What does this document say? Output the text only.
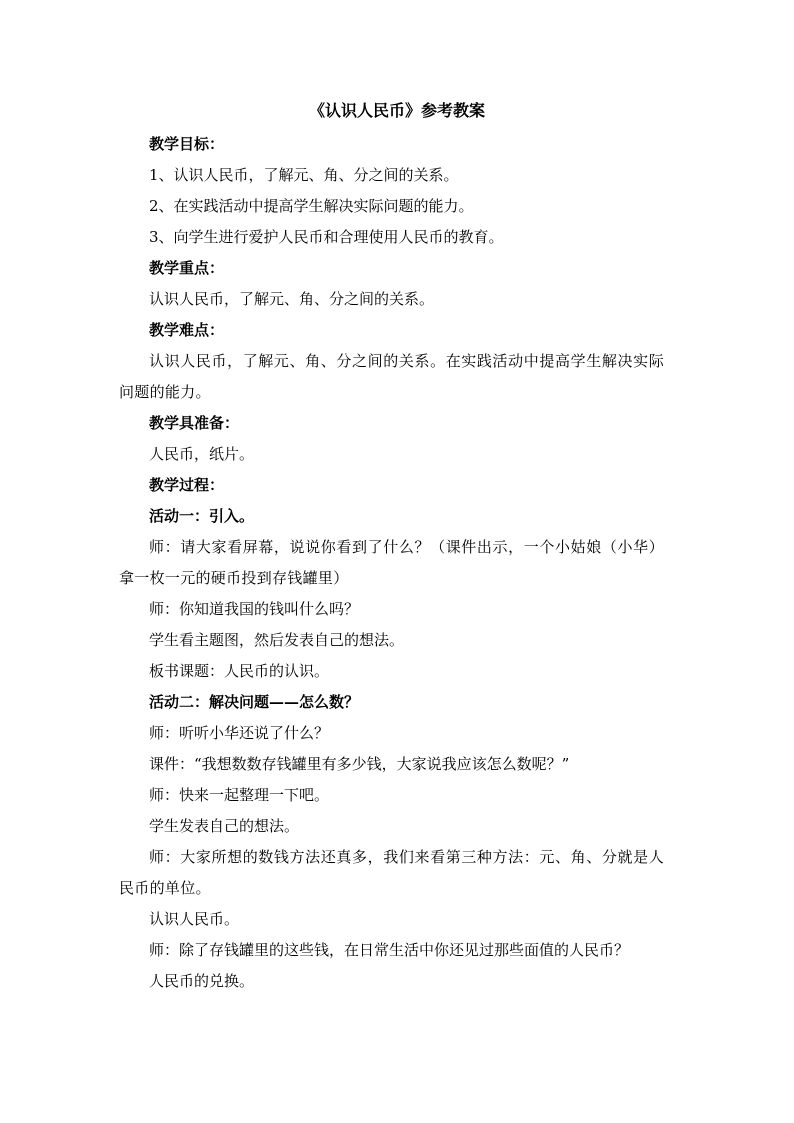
《认识人民币》参考教案
教学目标：
1、认识人民币，了解元、角、分之间的关系。
2、在实践活动中提高学生解决实际问题的能力。
3、向学生进行爱护人民币和合理使用人民币的教育。
教学重点：
认识人民币，了解元、角、分之间的关系。
教学难点：
认识人民币，了解元、角、分之间的关系。在实践活动中提高学生解决实际问题的能力。
教学具准备：
人民币，纸片。
教学过程：
活动一：引入。
师：请大家看屏幕，说说你看到了什么？（课件出示，一个小姑娘（小华）拿一枚一元的硬币投到存钱罐里）
师：你知道我国的钱叫什么吗？
学生看主题图，然后发表自己的想法。
板书课题：人民币的认识。
活动二：解决问题——怎么数？
师：听听小华还说了什么？
课件：“我想数数存钱罐里有多少钱，大家说我应该怎么数呢？”
师：快来一起整理一下吧。
学生发表自己的想法。
师：大家所想的数钱方法还真多，我们来看第三种方法：元、角、分就是人民币的单位。
认识人民币。
师：除了存钱罐里的这些钱，在日常生活中你还见过那些面值的人民币？
人民币的兑换。
